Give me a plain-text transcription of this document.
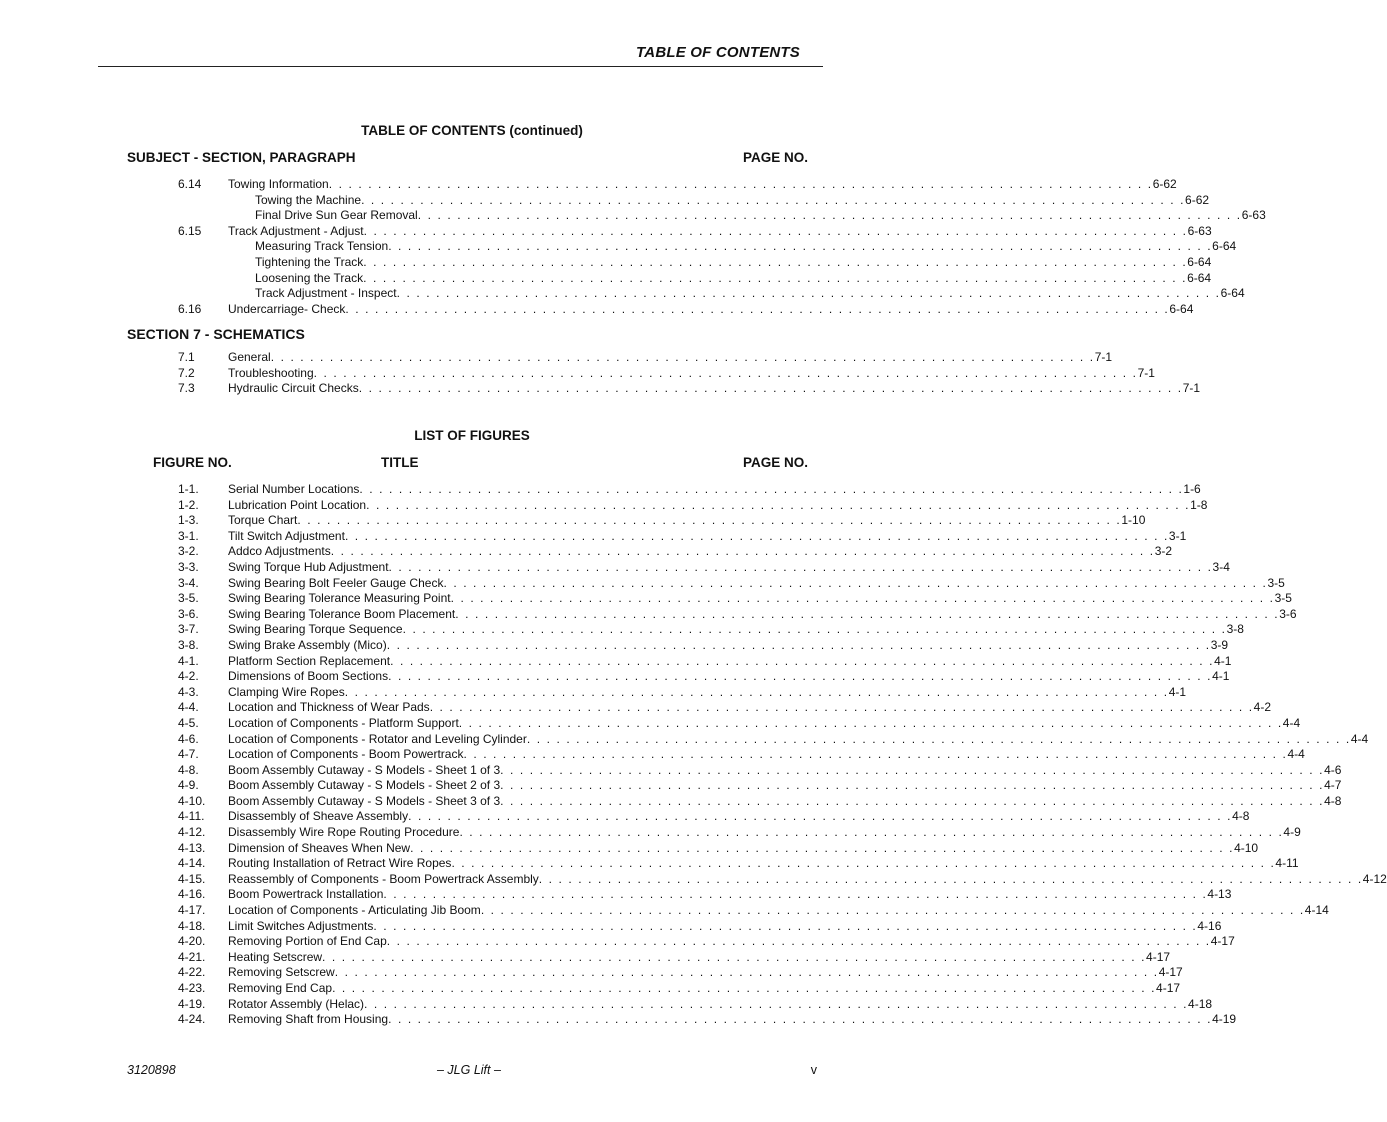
TABLE OF CONTENTS
TABLE OF CONTENTS (continued)
SUBJECT - SECTION, PARAGRAPH	PAGE NO.
6.14 Towing Information . . . . . . . . . . . . . . . . . . . . . . . . . . . . . . . . . . . . . . . . . . . . . . . . . . . . . . . . . . . . . . . . . . . . . . . . . . . . . . . . . . . . 6-62
Towing the Machine . . . . . . . . . . . . . . . . . . . . . . . . . . . . . . . . . . . . . . . . . . . . . . . . . . . . . . . . . . . . . . . . . . . . . . . . . . . . . . . . . . . . 6-62
Final Drive Sun Gear Removal . . . . . . . . . . . . . . . . . . . . . . . . . . . . . . . . . . . . . . . . . . . . . . . . . . . . . . . . . . . . . . . . . . . . . . . . . . . . . . . . . . . . 6-63
6.15 Track Adjustment - Adjust . . . . . . . . . . . . . . . . . . . . . . . . . . . . . . . . . . . . . . . . . . . . . . . . . . . . . . . . . . . . . . . . . . . . . . . . . . . . . . . . . . . . 6-63
Measuring Track Tension . . . . . . . . . . . . . . . . . . . . . . . . . . . . . . . . . . . . . . . . . . . . . . . . . . . . . . . . . . . . . . . . . . . . . . . . . . . . . . . . . . . . 6-64
Tightening the Track . . . . . . . . . . . . . . . . . . . . . . . . . . . . . . . . . . . . . . . . . . . . . . . . . . . . . . . . . . . . . . . . . . . . . . . . . . . . . . . . . . . . 6-64
Loosening the Track . . . . . . . . . . . . . . . . . . . . . . . . . . . . . . . . . . . . . . . . . . . . . . . . . . . . . . . . . . . . . . . . . . . . . . . . . . . . . . . . . . . . 6-64
Track Adjustment - Inspect . . . . . . . . . . . . . . . . . . . . . . . . . . . . . . . . . . . . . . . . . . . . . . . . . . . . . . . . . . . . . . . . . . . . . . . . . . . . . . . . . . . . 6-64
6.16 Undercarriage- Check . . . . . . . . . . . . . . . . . . . . . . . . . . . . . . . . . . . . . . . . . . . . . . . . . . . . . . . . . . . . . . . . . . . . . . . . . . . . . . . . . . . . 6-64
SECTION 7 - SCHEMATICS
7.1	General . . . . . . . . . . . . . . . . . . . . . . . . . . . . . . . . . . . . . . . . . . . . . . . . . . . . . . . . . . . . . . . . . . . . . . . . . . . . . . . . . . . . 7-1
7.2	Troubleshooting . . . . . . . . . . . . . . . . . . . . . . . . . . . . . . . . . . . . . . . . . . . . . . . . . . . . . . . . . . . . . . . . . . . . . . . . . . . . . . . . . . . . 7-1
7.3	Hydraulic Circuit Checks . . . . . . . . . . . . . . . . . . . . . . . . . . . . . . . . . . . . . . . . . . . . . . . . . . . . . . . . . . . . . . . . . . . . . . . . . . . . . . . . . . . . 7-1
LIST OF FIGURES
FIGURE NO.	TITLE	PAGE NO.
1-1. Serial Number Locations . . . . . . . . . . . . . . . . . . . . . . . . . . . . . . . . . . . . . . . . . . . . . . . . . . . . . . . . . . . . . . . . . . . . . . . . . . . . . . . . . . . . 1-6
1-2. Lubrication Point Location . . . . . . . . . . . . . . . . . . . . . . . . . . . . . . . . . . . . . . . . . . . . . . . . . . . . . . . . . . . . . . . . . . . . . . . . . . . . . . . . . . . . 1-8
1-3. Torque Chart . . . . . . . . . . . . . . . . . . . . . . . . . . . . . . . . . . . . . . . . . . . . . . . . . . . . . . . . . . . . . . . . . . . . . . . . . . . . . . . . . . . . 1-10
3-1. Tilt Switch Adjustment . . . . . . . . . . . . . . . . . . . . . . . . . . . . . . . . . . . . . . . . . . . . . . . . . . . . . . . . . . . . . . . . . . . . . . . . . . . . . . . . . . . . 3-1
3-2. Addco Adjustments . . . . . . . . . . . . . . . . . . . . . . . . . . . . . . . . . . . . . . . . . . . . . . . . . . . . . . . . . . . . . . . . . . . . . . . . . . . . . . . . . . . . 3-2
3-3. Swing Torque Hub Adjustment . . . . . . . . . . . . . . . . . . . . . . . . . . . . . . . . . . . . . . . . . . . . . . . . . . . . . . . . . . . . . . . . . . . . . . . . . . . . . . . . . . . . 3-4
3-4. Swing Bearing Bolt Feeler Gauge Check . . . . . . . . . . . . . . . . . . . . . . . . . . . . . . . . . . . . . . . . . . . . . . . . . . . . . . . . . . . . . . . . . . . . . . . . . . . . . . . . . . . . 3-5
3-5. Swing Bearing Tolerance Measuring Point . . . . . . . . . . . . . . . . . . . . . . . . . . . . . . . . . . . . . . . . . . . . . . . . . . . . . . . . . . . . . . . . . . . . . . . . . . . . . . . . . . . . 3-5
3-6. Swing Bearing Tolerance Boom Placement . . . . . . . . . . . . . . . . . . . . . . . . . . . . . . . . . . . . . . . . . . . . . . . . . . . . . . . . . . . . . . . . . . . . . . . . . . . . . . . . . . . . 3-6
3-7. Swing Bearing Torque Sequence . . . . . . . . . . . . . . . . . . . . . . . . . . . . . . . . . . . . . . . . . . . . . . . . . . . . . . . . . . . . . . . . . . . . . . . . . . . . . . . . . . . . 3-8
3-8. Swing Brake Assembly (Mico) . . . . . . . . . . . . . . . . . . . . . . . . . . . . . . . . . . . . . . . . . . . . . . . . . . . . . . . . . . . . . . . . . . . . . . . . . . . . . . . . . . . . 3-9
4-1. Platform Section Replacement . . . . . . . . . . . . . . . . . . . . . . . . . . . . . . . . . . . . . . . . . . . . . . . . . . . . . . . . . . . . . . . . . . . . . . . . . . . . . . . . . . . . 4-1
4-2. Dimensions of Boom Sections . . . . . . . . . . . . . . . . . . . . . . . . . . . . . . . . . . . . . . . . . . . . . . . . . . . . . . . . . . . . . . . . . . . . . . . . . . . . . . . . . . . . 4-1
4-3. Clamping Wire Ropes . . . . . . . . . . . . . . . . . . . . . . . . . . . . . . . . . . . . . . . . . . . . . . . . . . . . . . . . . . . . . . . . . . . . . . . . . . . . . . . . . . . . 4-1
4-4. Location and Thickness of Wear Pads . . . . . . . . . . . . . . . . . . . . . . . . . . . . . . . . . . . . . . . . . . . . . . . . . . . . . . . . . . . . . . . . . . . . . . . . . . . . . . . . . . . . 4-2
4-5. Location of Components - Platform Support . . . . . . . . . . . . . . . . . . . . . . . . . . . . . . . . . . . . . . . . . . . . . . . . . . . . . . . . . . . . . . . . . . . . . . . . . . . . . . . . . . . . 4-4
4-6. Location of Components - Rotator and Leveling Cylinder . . . . . . . . . . . . . . . . . . . . . . . . . . . . . . . . . . . . . . . . . . . . . . . . . . . . . . . . . . . . . . . . . . . . . . . . . . . . . . . . . . . . 4-4
4-7. Location of Components - Boom Powertrack . . . . . . . . . . . . . . . . . . . . . . . . . . . . . . . . . . . . . . . . . . . . . . . . . . . . . . . . . . . . . . . . . . . . . . . . . . . . . . . . . . . . 4-4
4-8. Boom Assembly Cutaway - S Models - Sheet 1 of 3 . . . . . . . . . . . . . . . . . . . . . . . . . . . . . . . . . . . . . . . . . . . . . . . . . . . . . . . . . . . . . . . . . . . . . . . . . . . . . . . . . . . . 4-6
4-9. Boom Assembly Cutaway - S Models - Sheet 2 of 3 . . . . . . . . . . . . . . . . . . . . . . . . . . . . . . . . . . . . . . . . . . . . . . . . . . . . . . . . . . . . . . . . . . . . . . . . . . . . . . . . . . . . 4-7
4-10. Boom Assembly Cutaway - S Models - Sheet 3 of 3 . . . . . . . . . . . . . . . . . . . . . . . . . . . . . . . . . . . . . . . . . . . . . . . . . . . . . . . . . . . . . . . . . . . . . . . . . . . . . . . . . . . . 4-8
4-11. Disassembly of Sheave Assembly . . . . . . . . . . . . . . . . . . . . . . . . . . . . . . . . . . . . . . . . . . . . . . . . . . . . . . . . . . . . . . . . . . . . . . . . . . . . . . . . . . . . 4-8
4-12. Disassembly Wire Rope Routing Procedure . . . . . . . . . . . . . . . . . . . . . . . . . . . . . . . . . . . . . . . . . . . . . . . . . . . . . . . . . . . . . . . . . . . . . . . . . . . . . . . . . . . . 4-9
4-13. Dimension of Sheaves When New . . . . . . . . . . . . . . . . . . . . . . . . . . . . . . . . . . . . . . . . . . . . . . . . . . . . . . . . . . . . . . . . . . . . . . . . . . . . . . . . . . . . 4-10
4-14. Routing Installation of Retract Wire Ropes . . . . . . . . . . . . . . . . . . . . . . . . . . . . . . . . . . . . . . . . . . . . . . . . . . . . . . . . . . . . . . . . . . . . . . . . . . . . . . . . . . . . 4-11
4-15. Reassembly of Components - Boom Powertrack Assembly . . . . . . . . . . . . . . . . . . . . . . . . . . . . . . . . . . . . . . . . . . . . . . . . . . . . . . . . . . . . . . . . . . . . . . . . . . . . . . . . . . . . 4-12
4-16. Boom Powertrack Installation . . . . . . . . . . . . . . . . . . . . . . . . . . . . . . . . . . . . . . . . . . . . . . . . . . . . . . . . . . . . . . . . . . . . . . . . . . . . . . . . . . . . 4-13
4-17. Location of Components - Articulating Jib Boom . . . . . . . . . . . . . . . . . . . . . . . . . . . . . . . . . . . . . . . . . . . . . . . . . . . . . . . . . . . . . . . . . . . . . . . . . . . . . . . . . . . . 4-14
4-18. Limit Switches Adjustments . . . . . . . . . . . . . . . . . . . . . . . . . . . . . . . . . . . . . . . . . . . . . . . . . . . . . . . . . . . . . . . . . . . . . . . . . . . . . . . . . . . . 4-16
4-20. Removing Portion of End Cap . . . . . . . . . . . . . . . . . . . . . . . . . . . . . . . . . . . . . . . . . . . . . . . . . . . . . . . . . . . . . . . . . . . . . . . . . . . . . . . . . . . . 4-17
4-21. Heating Setscrew . . . . . . . . . . . . . . . . . . . . . . . . . . . . . . . . . . . . . . . . . . . . . . . . . . . . . . . . . . . . . . . . . . . . . . . . . . . . . . . . . . . . 4-17
4-22. Removing Setscrew . . . . . . . . . . . . . . . . . . . . . . . . . . . . . . . . . . . . . . . . . . . . . . . . . . . . . . . . . . . . . . . . . . . . . . . . . . . . . . . . . . . . 4-17
4-23. Removing End Cap . . . . . . . . . . . . . . . . . . . . . . . . . . . . . . . . . . . . . . . . . . . . . . . . . . . . . . . . . . . . . . . . . . . . . . . . . . . . . . . . . . . . 4-17
4-19. Rotator Assembly (Helac) . . . . . . . . . . . . . . . . . . . . . . . . . . . . . . . . . . . . . . . . . . . . . . . . . . . . . . . . . . . . . . . . . . . . . . . . . . . . . . . . . . . . 4-18
4-24. Removing Shaft from Housing . . . . . . . . . . . . . . . . . . . . . . . . . . . . . . . . . . . . . . . . . . . . . . . . . . . . . . . . . . . . . . . . . . . . . . . . . . . . . . . . . . . . 4-19
3120898	– JLG Lift –	v
